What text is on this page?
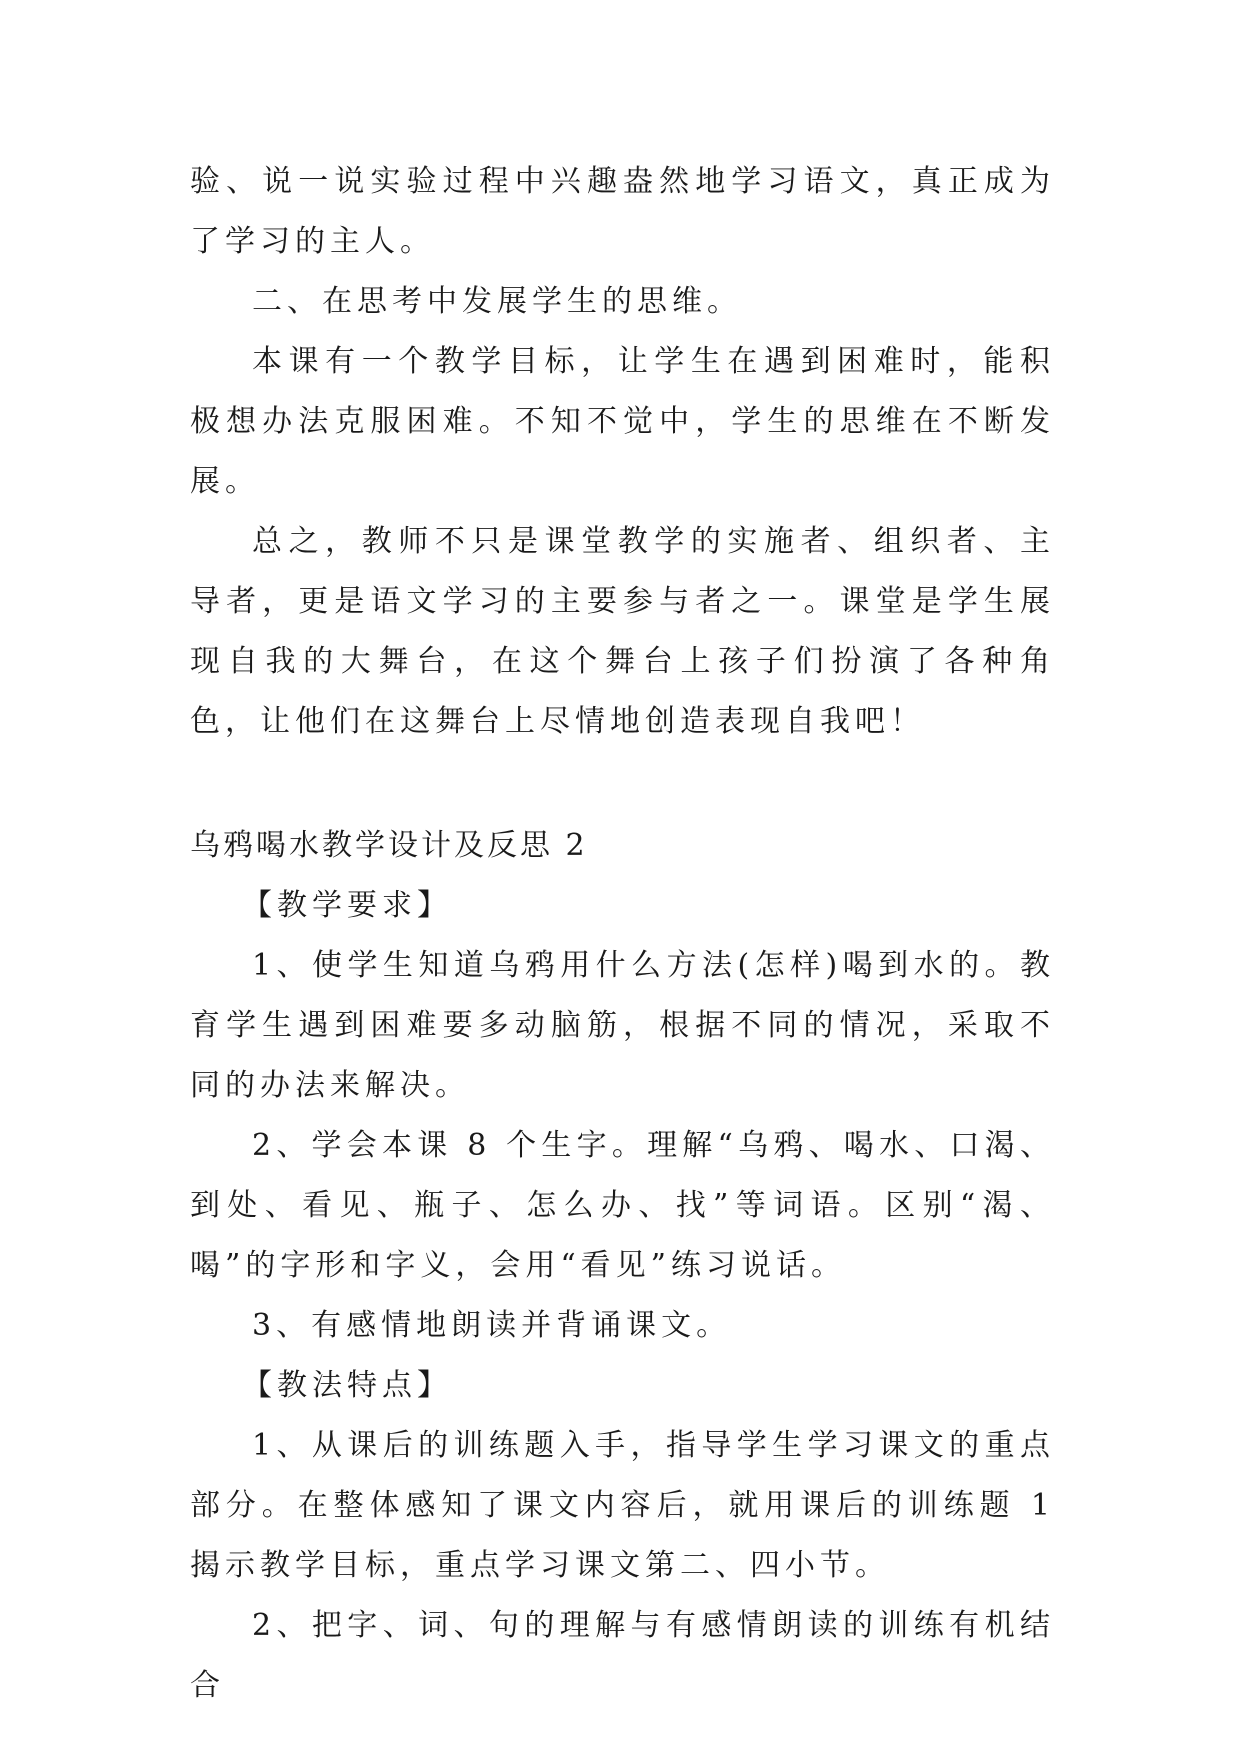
验、说一说实验过程中兴趣盎然地学习语文，真正成为了学习的主人。

二、在思考中发展学生的思维。

本课有一个教学目标，让学生在遇到困难时，能积极想办法克服困难。不知不觉中，学生的思维在不断发展。

总之，教师不只是课堂教学的实施者、组织者、主导者，更是语文学习的主要参与者之一。课堂是学生展现自我的大舞台，在这个舞台上孩子们扮演了各种角色，让他们在这舞台上尽情地创造表现自我吧！

乌鸦喝水教学设计及反思 2

【教学要求】

1、使学生知道乌鸦用什么方法(怎样)喝到水的。教育学生遇到困难要多动脑筋，根据不同的情况，采取不同的办法来解决。

2、学会本课 8 个生字。理解“乌鸦、喝水、口渴、到处、看见、瓶子、怎么办、找”等词语。区别“渴、喝”的字形和字义，会用“看见”练习说话。

3、有感情地朗读并背诵课文。

【教法特点】

1、从课后的训练题入手，指导学生学习课文的重点部分。在整体感知了课文内容后，就用课后的训练题 1 揭示教学目标，重点学习课文第二、四小节。

2、把字、词、句的理解与有感情朗读的训练有机结合
